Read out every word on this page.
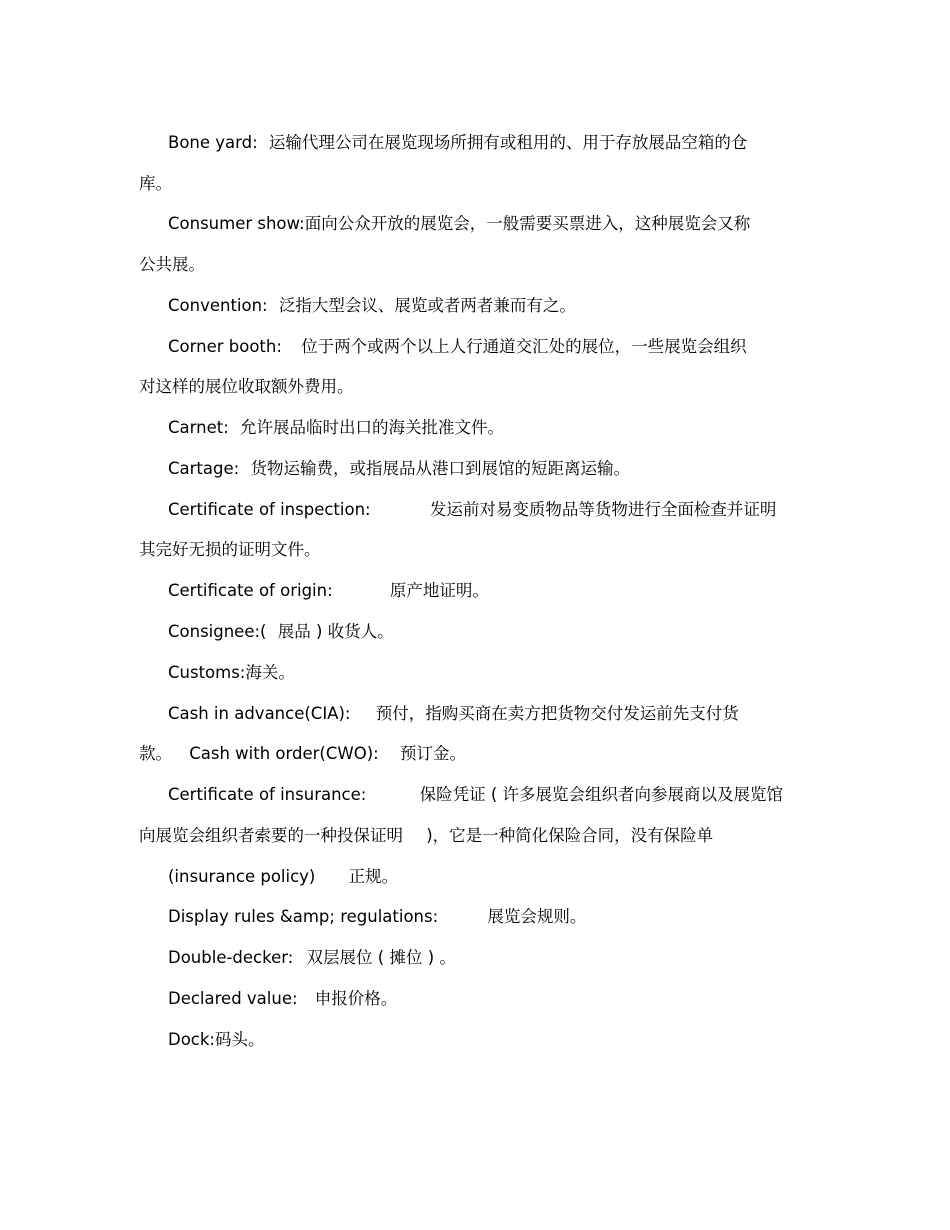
Bone yard: 运输代理公司在展览现场所拥有或租用的、用于存放展品空箱的仓

库。

Consumer show:面向公众开放的展览会，一般需要买票进入，这种展览会又称

公共展。

Convention: 泛指大型会议、展览或者两者兼而有之。

Corner booth: 位于两个或两个以上人行通道交汇处的展位，一些展览会组织

对这样的展位收取额外费用。

Carnet: 允许展品临时出口的海关批准文件。

Cartage: 货物运输费，或指展品从港口到展馆的短距离运输。

Certificate of inspection:	发运前对易变质物品等货物进行全面检查并证明

其完好无损的证明文件。

Certificate of origin:	原产地证明。

Consignee:( 展品 ) 收货人。

Customs:海关。

Cash in advance(CIA): 预付，指购买商在卖方把货物交付发运前先支付货

款。 Cash with order(CWO): 预订金。

Certificate of insurance:	保险凭证 ( 许多展览会组织者向参展商以及展览馆

向展览会组织者索要的一种投保证明 )，它是一种简化保险合同，没有保险单

(insurance policy) 正规。

Display rules &amp; regulations:	展览会规则。

Double-decker: 双层展位 ( 摊位 ) 。

Declared value: 申报价格。

Dock:码头。
